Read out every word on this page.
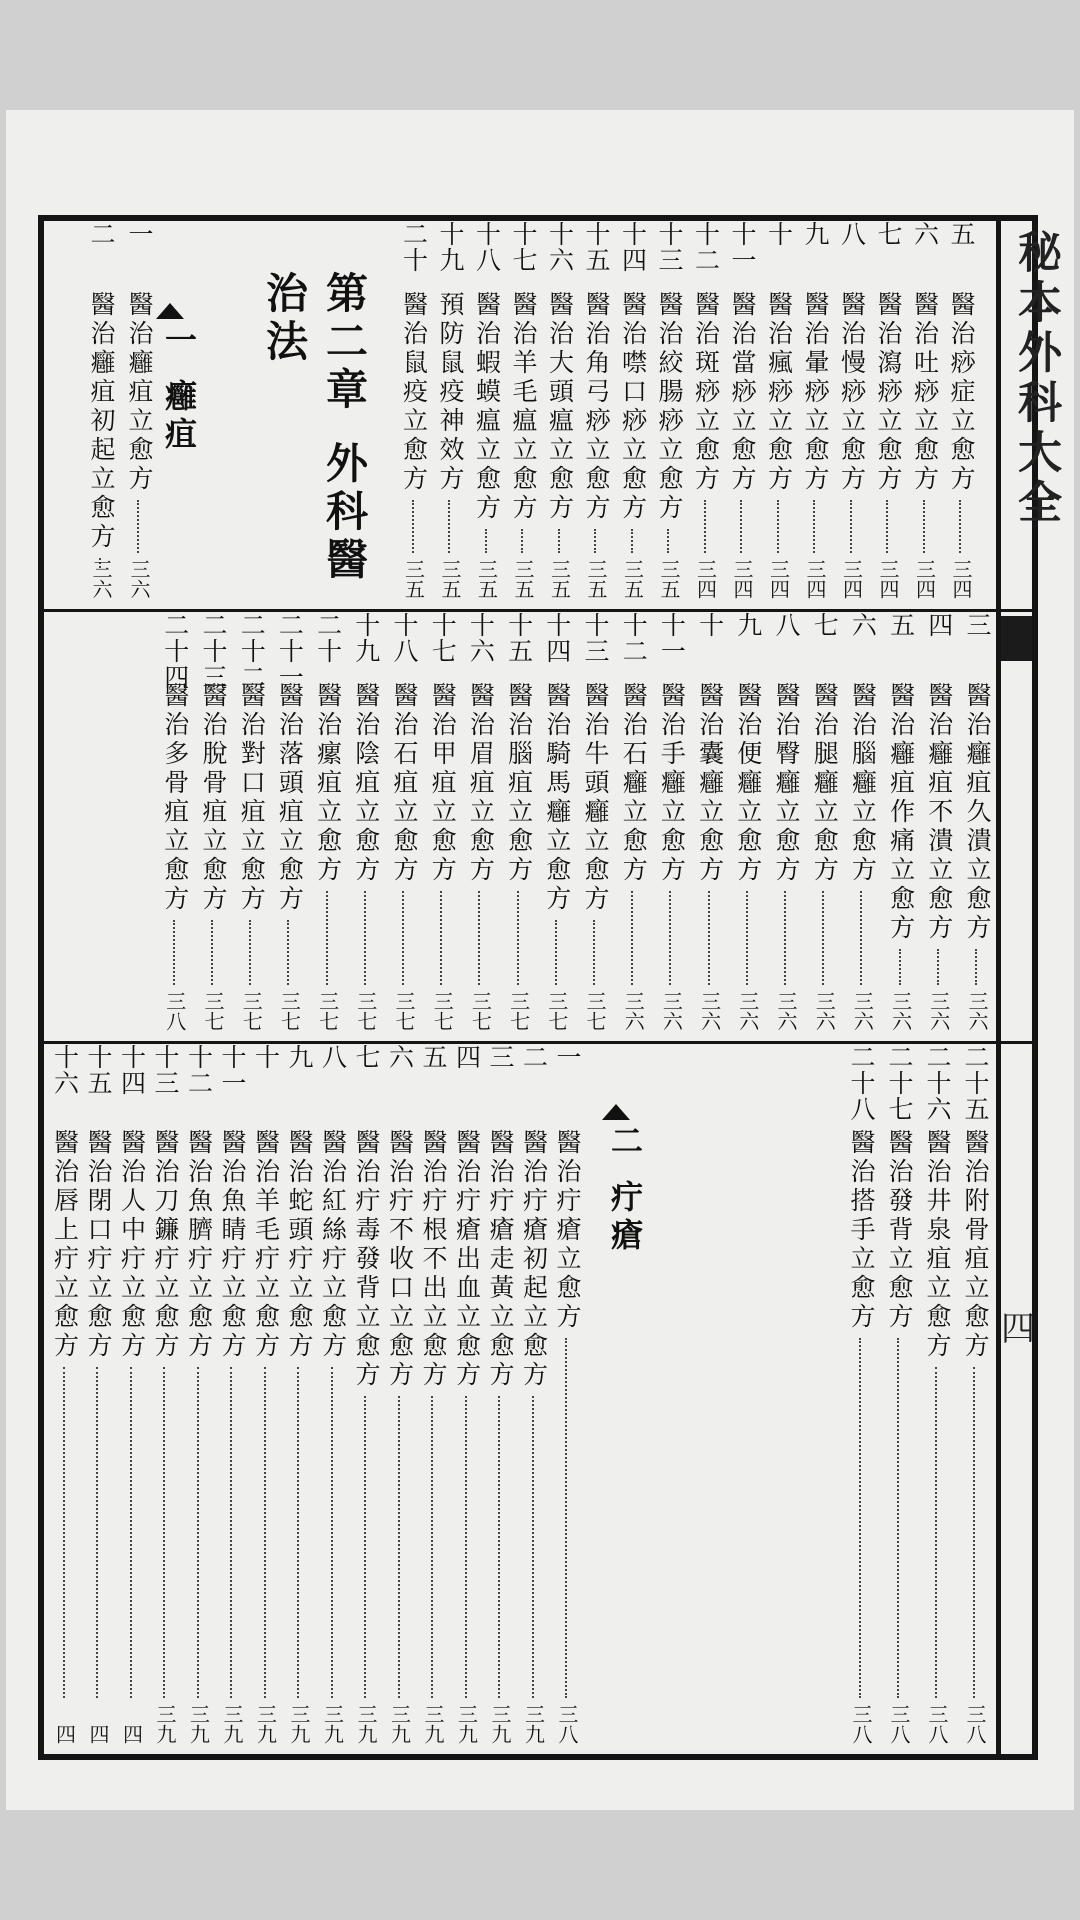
秘本外科大全
四
第二章外科醫治法
一癰疽
五
醫治痧症立愈方
三四
六
醫治吐痧立愈方
三四
七
醫治瀉痧立愈方
三四
八
醫治慢痧立愈方
三四
九
醫治暈痧立愈方
三四
十
醫治瘋痧立愈方
三四
十一
醫治當痧立愈方
三四
十二
醫治斑痧立愈方
三四
十三
醫治絞腸痧立愈方
三五
十四
醫治噤口痧立愈方
三五
十五
醫治角弓痧立愈方
三五
十六
醫治大頭瘟立愈方
三五
十七
醫治羊毛瘟立愈方
三五
十八
醫治蝦蟆瘟立愈方
三五
十九
預防鼠疫神效方
三五
二十
醫治鼠疫立愈方
三五
一
醫治癰疽立愈方
三六
二
醫治癰疽初起立愈方
三六
三
醫治癰疽久潰立愈方
三六
四
醫治癰疽不潰立愈方
三六
五
醫治癰疽作痛立愈方
三六
六
醫治腦癰立愈方
三六
七
醫治腿癰立愈方
三六
八
醫治臀癰立愈方
三六
九
醫治便癰立愈方
三六
十
醫治囊癰立愈方
三六
十一
醫治手癰立愈方
三六
十二
醫治石癰立愈方
三六
十三
醫治牛頭癰立愈方
三七
十四
醫治騎馬癰立愈方
三七
十五
醫治腦疽立愈方
三七
十六
醫治眉疽立愈方
三七
十七
醫治甲疽立愈方
三七
十八
醫治石疽立愈方
三七
十九
醫治陰疽立愈方
三七
二十
醫治瘰疽立愈方
三七
二十一
醫治落頭疽立愈方
三七
二十二
醫治對口疽立愈方
三七
二十三
醫治脫骨疽立愈方
三七
二十四
醫治多骨疽立愈方
三八
二疔瘡
二十五
醫治附骨疽立愈方
三八
二十六
醫治井泉疽立愈方
三八
二十七
醫治發背立愈方
三八
二十八
醫治搭手立愈方
三八
一
醫治疔瘡立愈方
三八
二
醫治疔瘡初起立愈方
三九
三
醫治疔瘡走黃立愈方
三九
四
醫治疔瘡出血立愈方
三九
五
醫治疔根不出立愈方
三九
六
醫治疔不收口立愈方
三九
七
醫治疔毒發背立愈方
三九
八
醫治紅絲疔立愈方
三九
九
醫治蛇頭疔立愈方
三九
十
醫治羊毛疔立愈方
三九
十一
醫治魚睛疔立愈方
三九
十二
醫治魚臍疔立愈方
三九
十三
醫治刀鐮疔立愈方
三九
十四
醫治人中疔立愈方
四
十五
醫治閉口疔立愈方
四
十六
醫治唇上疔立愈方
四
